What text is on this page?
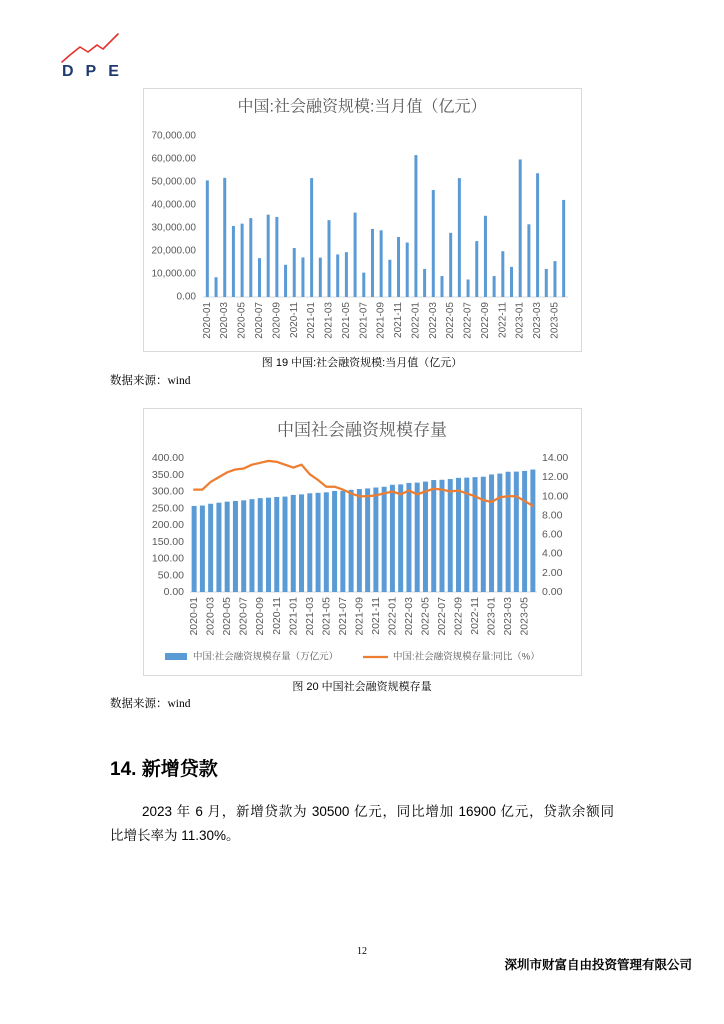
DPE
中国:社会融资规模:当月值（亿元）
0.00
10,000.00
20,000.00
30,000.00
40,000.00
50,000.00
60,000.00
70,000.00
2020-01 2020-03 2020-05 2020-07 2020-09 2020-11 2021-01 2021-03 2021-05 2021-07 2021-09 2021-11 2022-01 2022-03 2022-05 2022-07 2022-09 2022-11 2023-01 2023-03 2023-05
图 19 中国:社会融资规模:当月值（亿元）
数据来源：wind
中国社会融资规模存量
中国:社会融资规模存量（万亿元）	中国:社会融资规模存量:同比（%）
0.00
50.00
100.00
150.00
200.00
250.00
300.00
350.00
400.00
0.00
2.00
4.00
6.00
8.00
10.00
12.00
14.00
2020-01 2020-03 2020-05 2020-07 2020-09 2020-11 2021-01 2021-03 2021-05 2021-07 2021-09 2021-11 2022-01 2022-03 2022-05 2022-07 2022-09 2022-11 2023-01 2023-03 2023-05
图 20 中国社会融资规模存量
数据来源：wind
14. 新增贷款
2023 年 6 月，新增贷款为 30500 亿元，同比增加 16900 亿元，贷款余额同
比增长率为 11.30%。
12
深圳市财富自由投资管理有限公司
